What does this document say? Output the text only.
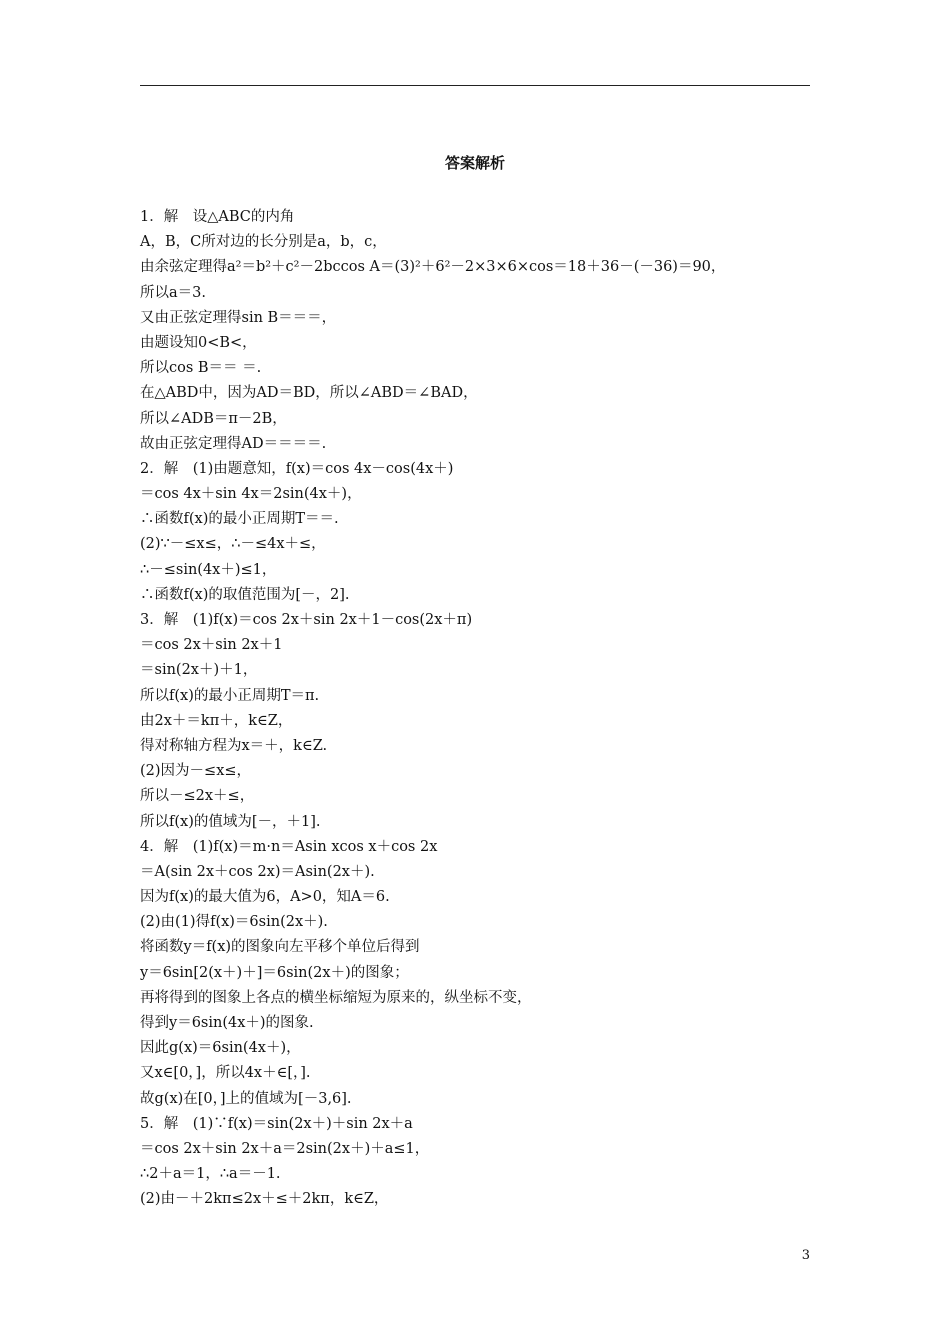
答案解析
1．解　设△ABC的内角
A，B，C所对边的长分别是a，b，c，
由余弦定理得a²＝b²＋c²－2bccos A＝(3)²＋6²－2×3×6×cos＝18＋36－(－36)＝90，
所以a＝3.
又由正弦定理得sin B＝＝＝，
由题设知0<B<，
所以cos B＝＝ ＝.
在△ABD中，因为AD＝BD，所以∠ABD＝∠BAD，
所以∠ADB＝π－2B，
故由正弦定理得AD＝＝＝＝.
2．解　(1)由题意知，f(x)＝cos 4x－cos(4x＋)
＝cos 4x＋sin 4x＝2sin(4x＋)，
∴函数f(x)的最小正周期T＝＝.
(2)∵－≤x≤，∴－≤4x＋≤，
∴－≤sin(4x＋)≤1，
∴函数f(x)的取值范围为[－，2].
3．解　(1)f(x)＝cos 2x＋sin 2x＋1－cos(2x＋π)
＝cos 2x＋sin 2x＋1
＝sin(2x＋)＋1，
所以f(x)的最小正周期T＝π.
由2x＋＝kπ＋，k∈Z，
得对称轴方程为x＝＋，k∈Z.
(2)因为－≤x≤，
所以－≤2x＋≤，
所以f(x)的值域为[－，＋1].
4．解　(1)f(x)＝m·n＝Asin xcos x＋cos 2x
＝A(sin 2x＋cos 2x)＝Asin(2x＋).
因为f(x)的最大值为6，A>0，知A＝6.
(2)由(1)得f(x)＝6sin(2x＋).
将函数y＝f(x)的图象向左平移个单位后得到
y＝6sin[2(x＋)＋]＝6sin(2x＋)的图象；
再将得到的图象上各点的横坐标缩短为原来的，纵坐标不变，
得到y＝6sin(4x＋)的图象.
因此g(x)＝6sin(4x＋)，
又x∈[0，]，所以4x＋∈[，].
故g(x)在[0，]上的值域为[－3,6].
5．解　(1)∵f(x)＝sin(2x＋)＋sin 2x＋a
＝cos 2x＋sin 2x＋a＝2sin(2x＋)＋a≤1，
∴2＋a＝1，∴a＝－1.
(2)由－＋2kπ≤2x＋≤＋2kπ，k∈Z，
3
